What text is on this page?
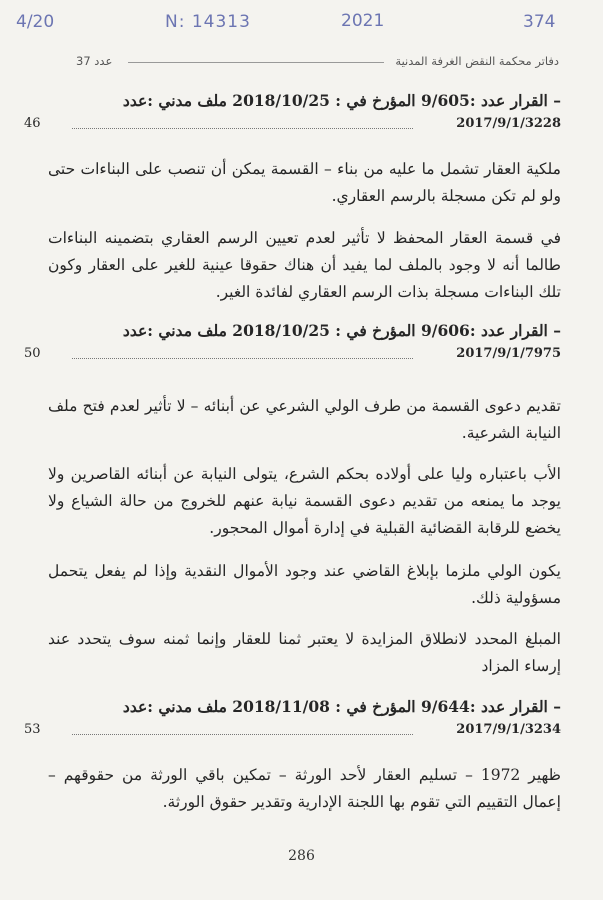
4/20	N: 14313	2021	374
دفاتر محكمة النقض الغرفة المدنية
عدد 37
– القرار عدد :9/605 المؤرخ في : 2018/10/25 ملف مدني :عدد
46	2017/9/1/3228
ملكية العقار تشمل ما عليه من بناء – القسمة يمكن أن تنصب على البناءات حتى ولو لم تكن مسجلة بالرسم العقاري.
في قسمة العقار المحفظ لا تأثير لعدم تعيين الرسم العقاري بتضمينه البناءات طالما أنه لا وجود بالملف لما يفيد أن هناك حقوقا عينية للغير على العقار وكون تلك البناءات مسجلة بذات الرسم العقاري لفائدة الغير.
– القرار عدد :9/606 المؤرخ في : 2018/10/25 ملف مدني :عدد
50	2017/9/1/7975
تقديم دعوى القسمة من طرف الولي الشرعي عن أبنائه – لا تأثير لعدم فتح ملف النيابة الشرعية.
الأب باعتباره وليا على أولاده بحكم الشرع، يتولى النيابة عن أبنائه القاصرين ولا يوجد ما يمنعه من تقديم دعوى القسمة نيابة عنهم للخروج من حالة الشياع ولا يخضع للرقابة القضائية القبلية في إدارة أموال المحجور.
يكون الولي ملزما بإبلاغ القاضي عند وجود الأموال النقدية وإذا لم يفعل يتحمل مسؤولية ذلك.
المبلغ المحدد لانطلاق المزايدة لا يعتبر ثمنا للعقار وإنما ثمنه سوف يتحدد عند إرساء المزاد
– القرار عدد :9/644 المؤرخ في : 2018/11/08 ملف مدني :عدد
53	2017/9/1/3234
ظهير 1972 – تسليم العقار لأحد الورثة – تمكين باقي الورثة من حقوقهم – إعمال التقييم التي تقوم بها اللجنة الإدارية وتقدير حقوق الورثة.
286
